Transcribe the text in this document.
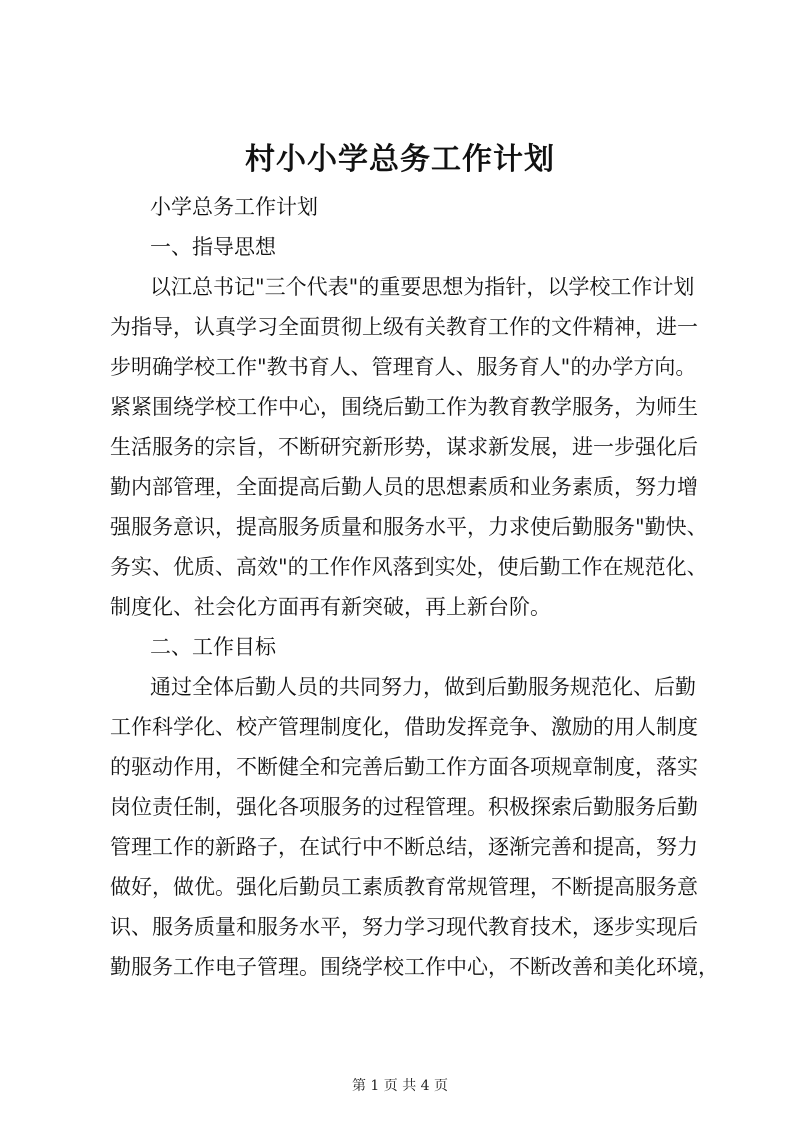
村小小学总务工作计划

小学总务工作计划

一、指导思想

以江总书记"三个代表"的重要思想为指针，以学校工作计划

为指导，认真学习全面贯彻上级有关教育工作的文件精神，进一

步明确学校工作"教书育人、管理育人、服务育人"的办学方向。

紧紧围绕学校工作中心，围绕后勤工作为教育教学服务，为师生

生活服务的宗旨，不断研究新形势，谋求新发展，进一步强化后

勤内部管理，全面提高后勤人员的思想素质和业务素质，努力增

强服务意识，提高服务质量和服务水平，力求使后勤服务"勤快、

务实、优质、高效"的工作作风落到实处，使后勤工作在规范化、

制度化、社会化方面再有新突破，再上新台阶。

二、工作目标

通过全体后勤人员的共同努力，做到后勤服务规范化、后勤

工作科学化、校产管理制度化，借助发挥竞争、激励的用人制度

的驱动作用，不断健全和完善后勤工作方面各项规章制度，落实

岗位责任制，强化各项服务的过程管理。积极探索后勤服务后勤

管理工作的新路子，在试行中不断总结，逐渐完善和提高，努力

做好，做优。强化后勤员工素质教育常规管理，不断提高服务意

识、服务质量和服务水平，努力学习现代教育技术，逐步实现后

勤服务工作电子管理。围绕学校工作中心，不断改善和美化环境，

第 1 页 共 4 页
